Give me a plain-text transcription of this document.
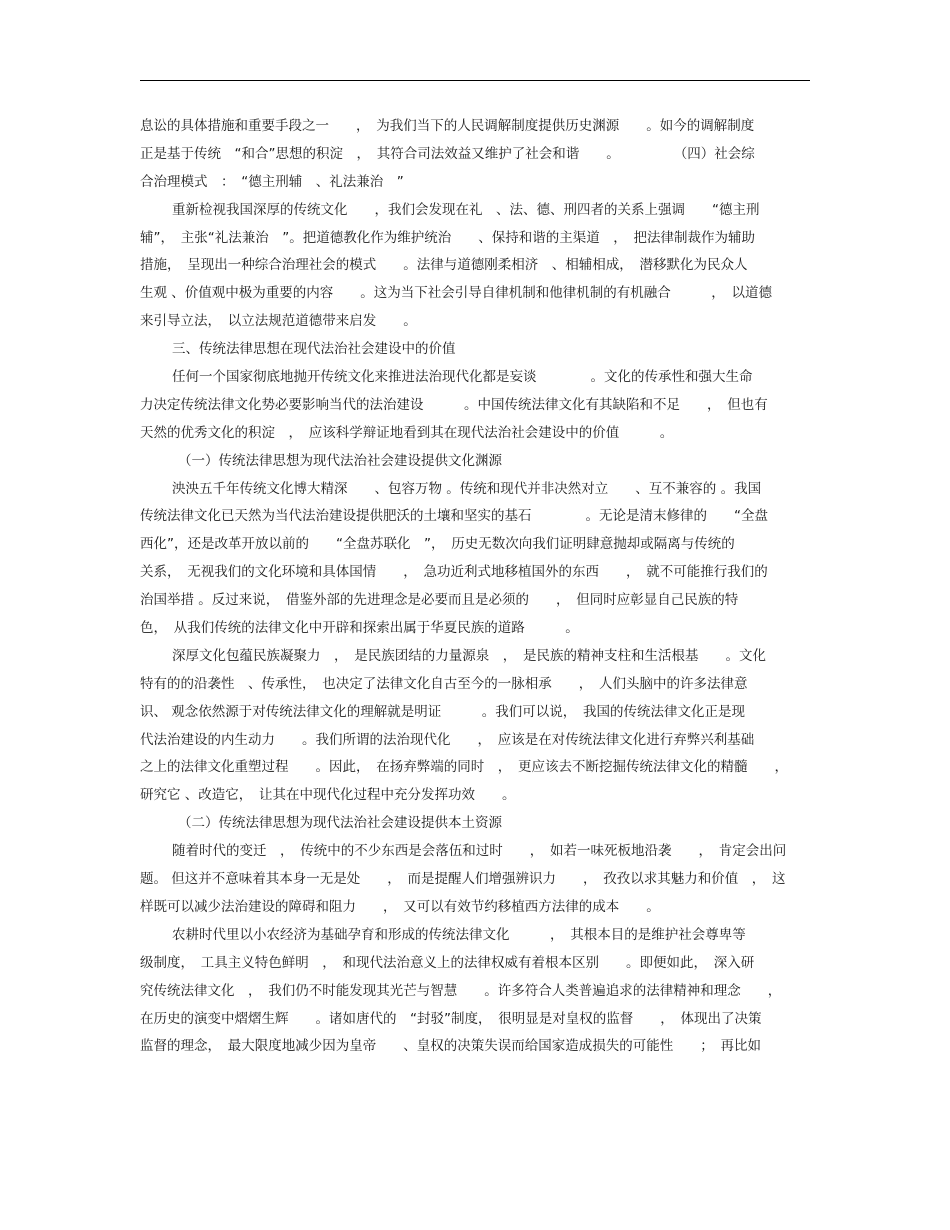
息讼的具体措施和重要手段之一　　，　为我们当下的人民调解制度提供历史渊源　　。如今的调解制度
正是基于传统　“和合”思想的积淀　，　其符合司法效益又维护了社会和谐　　。　　　　　（四）社会综
合治理模式　：　“德主刑辅　、礼法兼治　”
重新检视我国深厚的传统文化　　，我们会发现在礼　、法、德、刑四者的关系上强调　　“德主刑
辅”，　主张“礼法兼治　”。把道德教化作为维护统治　　、保持和谐的主渠道　，　把法律制裁作为辅助
措施，　呈现出一种综合治理社会的模式　　。法律与道德刚柔相济　、相辅相成，　潜移默化为民众人
生观 、价值观中极为重要的内容　　。这为当下社会引导自律机制和他律机制的有机融合　　　，　以道德
来引导立法，　以立法规范道德带来启发　　。
三、传统法律思想在现代法治社会建设中的价值
任何一个国家彻底地抛开传统文化来推进法治现代化都是妄谈　　　　。文化的传承性和强大生命
力决定传统法律文化势必要影响当代的法治建设　　　。中国传统法律文化有其缺陷和不足　　，　但也有
天然的优秀文化的积淀　，　应该科学辩证地看到其在现代法治社会建设中的价值　　　。
（一）传统法律思想为现代法治社会建设提供文化渊源
泱泱五千年传统文化博大精深　　、包容万物 。传统和现代并非决然对立　　、互不兼容的 。我国
传统法律文化已天然为当代法治建设提供肥沃的土壤和坚实的基石　　　　。无论是清末修律的　　“全盘
西化”，还是改革开放以前的　　“全盘苏联化　”，　历史无数次向我们证明肆意抛却或隔离与传统的
关系，　无视我们的文化环境和具体国情　　，　急功近利式地移植国外的东西　　，　就不可能推行我们的
治国举措 。反过来说，　借鉴外部的先进理念是必要而且是必须的　　，　但同时应彰显自己民族的特
色，　从我们传统的法律文化中开辟和探索出属于华夏民族的道路　　　。
深厚文化包蕴民族凝聚力　，　是民族团结的力量源泉　，　是民族的精神支柱和生活根基　　。文化
特有的的沿袭性　、传承性，　也决定了法律文化自古至今的一脉相承　　，　人们头脑中的许多法律意
识、 观念依然源于对传统法律文化的理解就是明证　　　。我们可以说，　我国的传统法律文化正是现
代法治建设的内生动力　　。我们所谓的法治现代化　　，　应该是在对传统法律文化进行弃弊兴利基础
之上的法律文化重塑过程　　。因此，　在扬弃弊端的同时　，　更应该去不断挖掘传统法律文化的精髓　　，
研究它 、改造它，　让其在中现代化过程中充分发挥功效　　。
（二）传统法律思想为现代法治社会建设提供本土资源
随着时代的变迁　，　传统中的不少东西是会落伍和过时　　，　如若一味死板地沿袭　　，　肯定会出问
题。 但这并不意味着其本身一无是处　　，　而是提醒人们增强辨识力　　，　孜孜以求其魅力和价值　，　这
样既可以减少法治建设的障碍和阻力　　，　又可以有效节约移植西方法律的成本　　。
农耕时代里以小农经济为基础孕育和形成的传统法律文化　　　，　其根本目的是维护社会尊卑等
级制度，　工具主义特色鲜明　，　和现代法治意义上的法律权威有着根本区别　　。即便如此，　深入研
究传统法律文化　，　我们仍不时能发现其光芒与智慧　　。许多符合人类普遍追求的法律精神和理念　　，
在历史的演变中熠熠生辉　　。诸如唐代的　“封驳”制度，　很明显是对皇权的监督　　，　体现出了决策
监督的理念，　最大限度地减少因为皇帝　　、皇权的决策失误而给国家造成损失的可能性　　；　再比如
